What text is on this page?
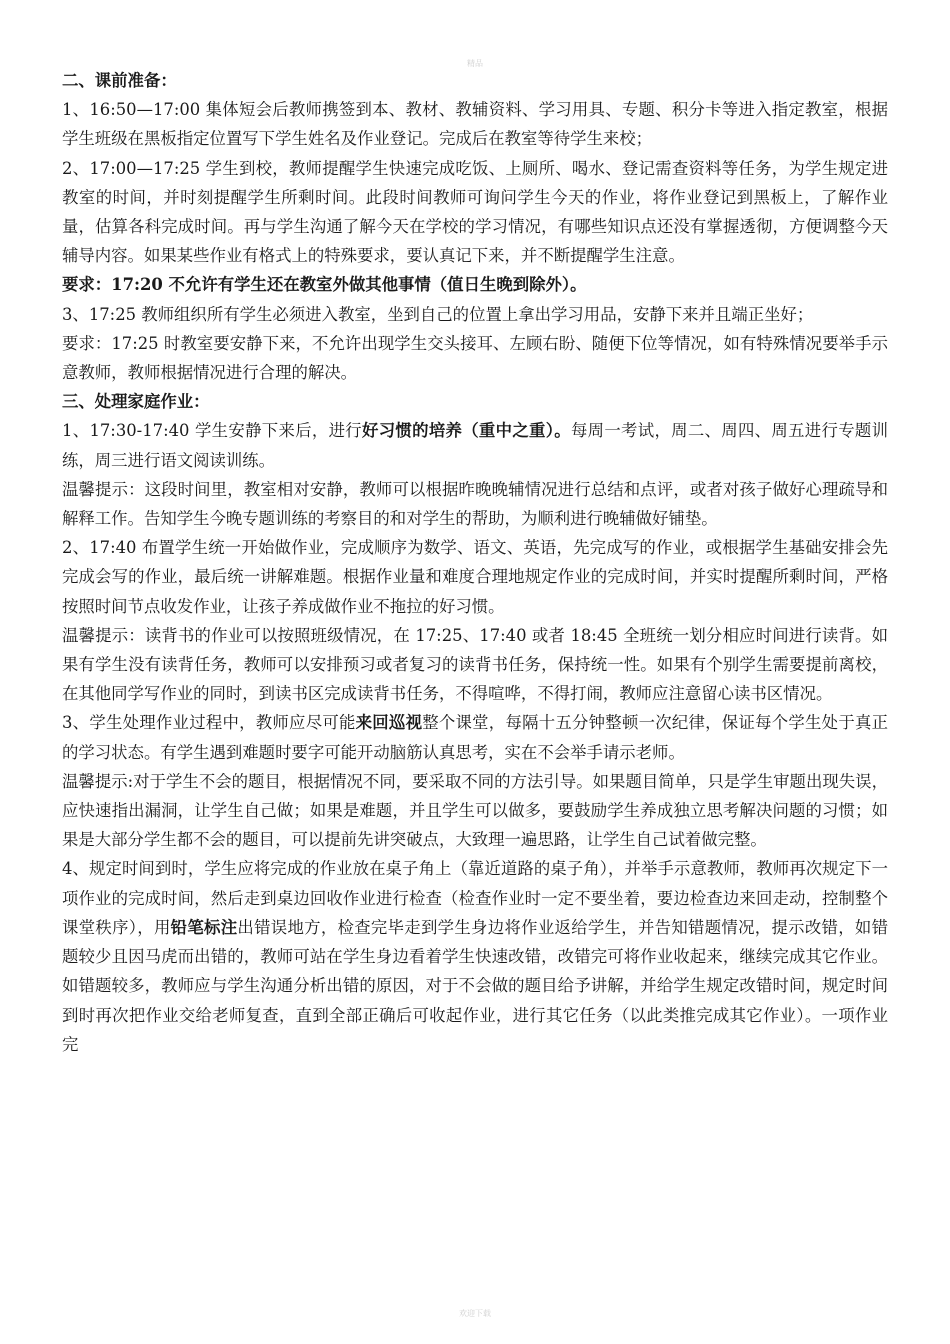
精品

二、课前准备：

1、16:50—17:00 集体短会后教师携签到本、教材、教辅资料、学习用具、专题、积分卡等进入指定教室，根据学生班级在黑板指定位置写下学生姓名及作业登记。完成后在教室等待学生来校；

2、17:00—17:25 学生到校，教师提醒学生快速完成吃饭、上厕所、喝水、登记需查资料等任务，为学生规定进教室的时间，并时刻提醒学生所剩时间。此段时间教师可询问学生今天的作业，将作业登记到黑板上，了解作业量，估算各科完成时间。再与学生沟通了解今天在学校的学习情况，有哪些知识点还没有掌握透彻，方便调整今天辅导内容。如果某些作业有格式上的特殊要求，要认真记下来，并不断提醒学生注意。

要求：17:20 不允许有学生还在教室外做其他事情（值日生晚到除外）。

3、17:25 教师组织所有学生必须进入教室，坐到自己的位置上拿出学习用品，安静下来并且端正坐好；

要求：17:25 时教室要安静下来，不允许出现学生交头接耳、左顾右盼、随便下位等情况，如有特殊情况要举手示意教师，教师根据情况进行合理的解决。

三、处理家庭作业：

1、17:30-17:40 学生安静下来后，进行好习惯的培养（重中之重）。每周一考试，周二、周四、周五进行专题训练，周三进行语文阅读训练。

温馨提示：这段时间里，教室相对安静，教师可以根据昨晚晚辅情况进行总结和点评，或者对孩子做好心理疏导和解释工作。告知学生今晚专题训练的考察目的和对学生的帮助，为顺利进行晚辅做好铺垫。

2、17:40 布置学生统一开始做作业，完成顺序为数学、语文、英语，先完成写的作业，或根据学生基础安排会先完成会写的作业，最后统一讲解难题。根据作业量和难度合理地规定作业的完成时间，并实时提醒所剩时间，严格按照时间节点收发作业，让孩子养成做作业不拖拉的好习惯。

温馨提示：读背书的作业可以按照班级情况，在 17:25、17:40 或者 18:45 全班统一划分相应时间进行读背。如果有学生没有读背任务，教师可以安排预习或者复习的读背书任务，保持统一性。如果有个别学生需要提前离校，在其他同学写作业的同时，到读书区完成读背书任务，不得喧哗，不得打闹，教师应注意留心读书区情况。

3、学生处理作业过程中，教师应尽可能来回巡视整个课堂，每隔十五分钟整顿一次纪律，保证每个学生处于真正的学习状态。有学生遇到难题时要字可能开动脑筋认真思考，实在不会举手请示老师。

温馨提示:对于学生不会的题目，根据情况不同，要采取不同的方法引导。如果题目简单，只是学生审题出现失误，应快速指出漏洞，让学生自己做；如果是难题，并且学生可以做多，要鼓励学生养成独立思考解决问题的习惯；如果是大部分学生都不会的题目，可以提前先讲突破点，大致理一遍思路，让学生自己试着做完整。

4、规定时间到时，学生应将完成的作业放在桌子角上（靠近道路的桌子角），并举手示意教师，教师再次规定下一项作业的完成时间，然后走到桌边回收作业进行检查（检查作业时一定不要坐着，要边检查边来回走动，控制整个课堂秩序），用铅笔标注出错误地方，检查完毕走到学生身边将作业返给学生，并告知错题情况，提示改错，如错题较少且因马虎而出错的，教师可站在学生身边看着学生快速改错，改错完可将作业收起来，继续完成其它作业。如错题较多，教师应与学生沟通分析出错的原因，对于不会做的题目给予讲解，并给学生规定改错时间，规定时间到时再次把作业交给老师复查，直到全部正确后可收起作业，进行其它任务（以此类推完成其它作业）。一项作业完

欢迎下载
